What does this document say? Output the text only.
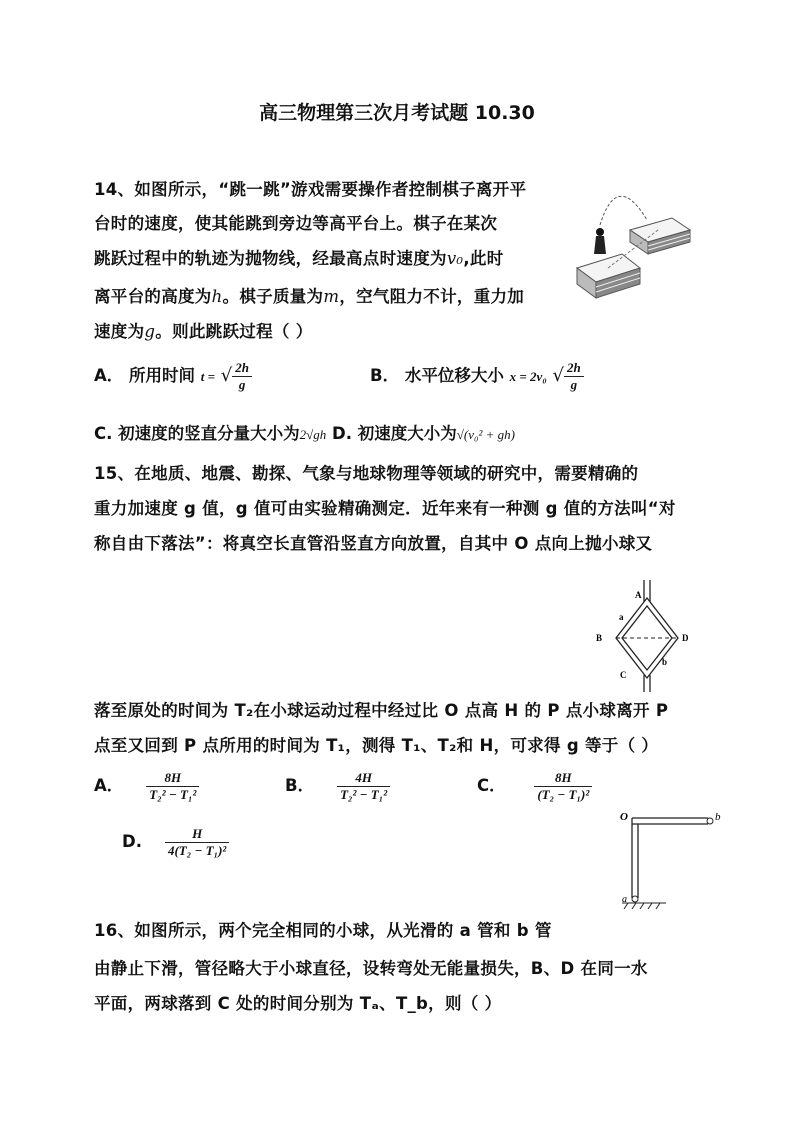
高三物理第三次月考试题 10.30
14、如图所示，“跳一跳”游戏需要操作者控制棋子离开平
台时的速度，使其能跳到旁边等高平台上。棋子在某次
跳跃过程中的轨迹为抛物线，经最高点时速度为v₀,此时
离平台的高度为h。棋子质量为m，空气阻力不计，重力加
速度为g。则此跳跃过程（ ）
A． 所用时间 t = √ $\frac{2h}{g}$	B． 水平位移大小 x = 2v₀ √ $\frac{2h}{g}$
C. 初速度的竖直分量大小为2√gh D. 初速度大小为√(v₀² + gh)
15、在地质、地震、勘探、气象与地球物理等领域的研究中，需要精确的
重力加速度 g 值，g 值可由实验精确测定．近年来有一种测 g 值的方法叫“对
称自由下落法”：将真空长直管沿竖直方向放置，自其中 O 点向上抛小球又
A
a
B	D
b
C
落至原处的时间为 T₂在小球运动过程中经过比 O 点高 H 的 P 点小球离开 P
点至又回到 P 点所用的时间为 T₁，测得 T₁、T₂和 H，可求得 g 等于（ ）
A． $\frac{8H}{\text{T₂² − T₁²}}$	B． $\frac{4H}{\text{T₂² − T₁²}}$	C． $\frac{8H}{\text{(T₂ − T₁)²}}$
D. $\frac{H}{\text{4(T₂ − T₁)²}}$
O	b
a
16、如图所示，两个完全相同的小球，从光滑的 a 管和 b 管
由静止下滑，管径略大于小球直径，设转弯处无能量损失，B、D 在同一水
平面，两球落到 C 处的时间分别为 Tₐ、T_b，则（ ）
